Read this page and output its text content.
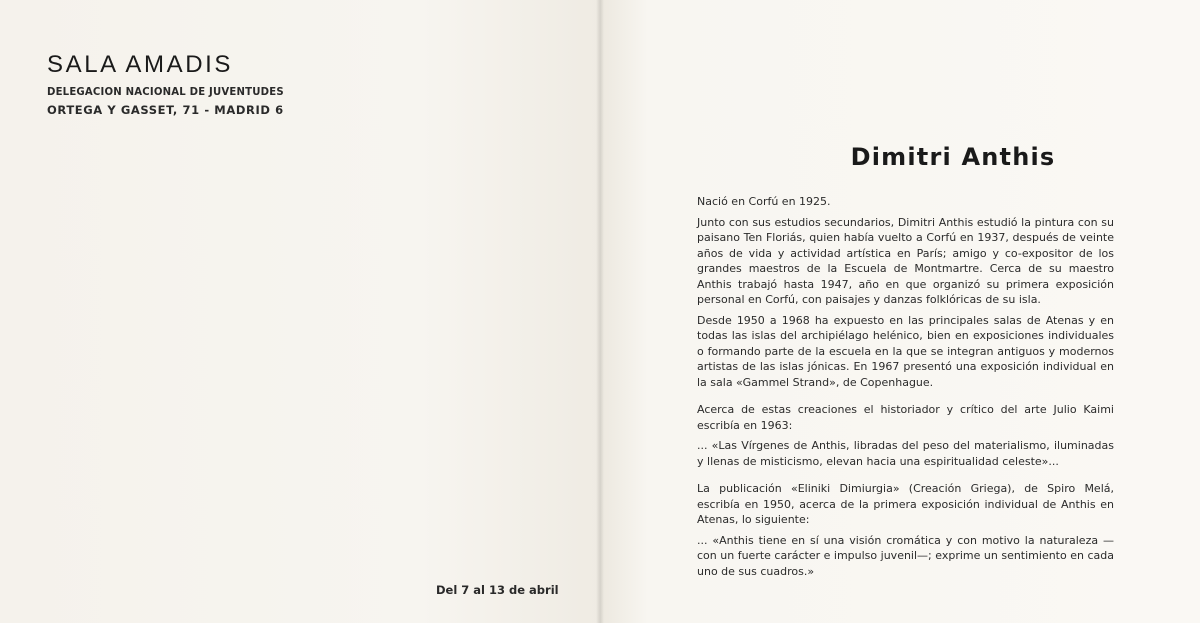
SALA AMADIS
DELEGACION NACIONAL DE JUVENTUDES
ORTEGA Y GASSET, 71 - MADRID 6
Del 7 al 13 de abril
Dimitri Anthis

Nació en Corfú en 1925.

Junto con sus estudios secundarios, Dimitri Anthis estudió la pintura con su paisano Ten Floriás, quien había vuelto a Corfú en 1937, después de veinte años de vida y actividad artística en París; amigo y co-expositor de los grandes maestros de la Escuela de Montmartre. Cerca de su maestro Anthis trabajó hasta 1947, año en que organizó su primera exposición personal en Corfú, con paisajes y danzas folklóricas de su isla.

Desde 1950 a 1968 ha expuesto en las principales salas de Atenas y en todas las islas del archipiélago helénico, bien en exposiciones individuales o formando parte de la escuela en la que se integran antiguos y modernos artistas de las islas jónicas. En 1967 presentó una exposición individual en la sala «Gammel Strand», de Copenhague.

Acerca de estas creaciones el historiador y crítico del arte Julio Kaimi escribía en 1963:

... «Las Vírgenes de Anthis, libradas del peso del materialismo, iluminadas y llenas de misticismo, elevan hacia una espiritualidad celeste»...

La publicación «Eliniki Dimiurgia» (Creación Griega), de Spiro Melá, escribía en 1950, acerca de la primera exposición individual de Anthis en Atenas, lo siguiente:

... «Anthis tiene en sí una visión cromática y con motivo la naturaleza —con un fuerte carácter e impulso juvenil—; exprime un sentimiento en cada uno de sus cuadros.»
